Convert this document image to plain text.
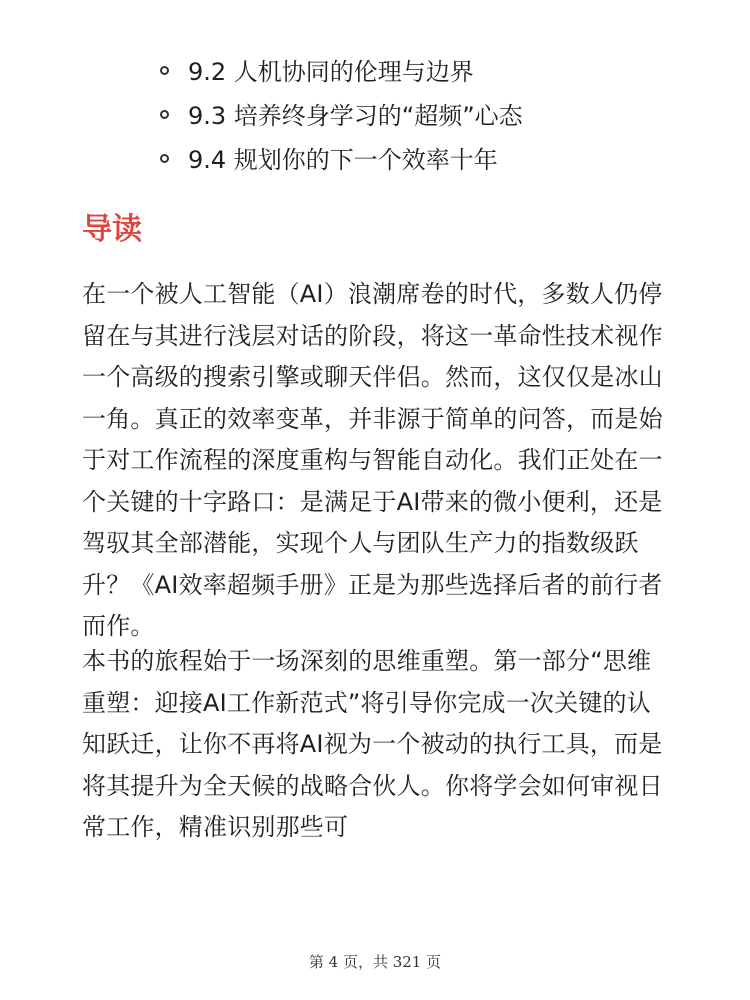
9.2 人机协同的伦理与边界
9.3 培养终身学习的“超频”心态
9.4 规划你的下一个效率十年
导读

在一个被人工智能（AI）浪潮席卷的时代，多数人仍停留在与其进行浅层对话的阶段，将这一革命性技术视作一个高级的搜索引擎或聊天伴侣。然而，这仅仅是冰山一角。真正的效率变革，并非源于简单的问答，而是始于对工作流程的深度重构与智能自动化。我们正处在一个关键的十字路口：是满足于AI带来的微小便利，还是驾驭其全部潜能，实现个人与团队生产力的指数级跃升？《AI效率超频手册》正是为那些选择后者的前行者而作。

本书的旅程始于一场深刻的思维重塑。第一部分“思维重塑：迎接AI工作新范式”将引导你完成一次关键的认知跃迁，让你不再将AI视为一个被动的执行工具，而是将其提升为全天候的战略合伙人。你将学会如何审视日常工作，精准识别那些可

第 4 页，共 321 页
